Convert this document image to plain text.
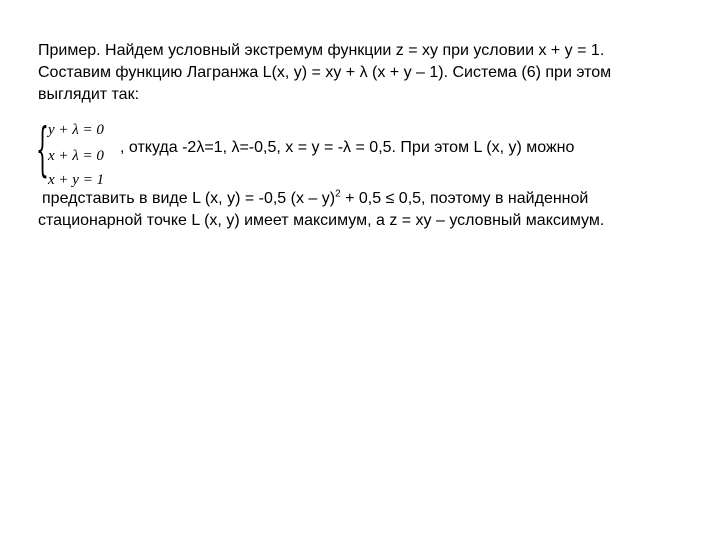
Пример. Найдем условный экстремум функции z = xy при условии x + y = 1.
Составим функцию Лагранжа L(x, y) = xy + λ (x + y – 1). Система (6) при этом
выглядит так:
{ y + λ = 0
x + λ = 0
x + y = 1
, откуда -2λ=1, λ=-0,5, x = y = -λ = 0,5. При этом L (x, y) можно
представить в виде L (x, y) = -0,5 (x – y)$^2$ + 0,5 ≤ 0,5, поэтому в найденной
стационарной точке L (x, y) имеет максимум, а z = xy – условный максимум.
